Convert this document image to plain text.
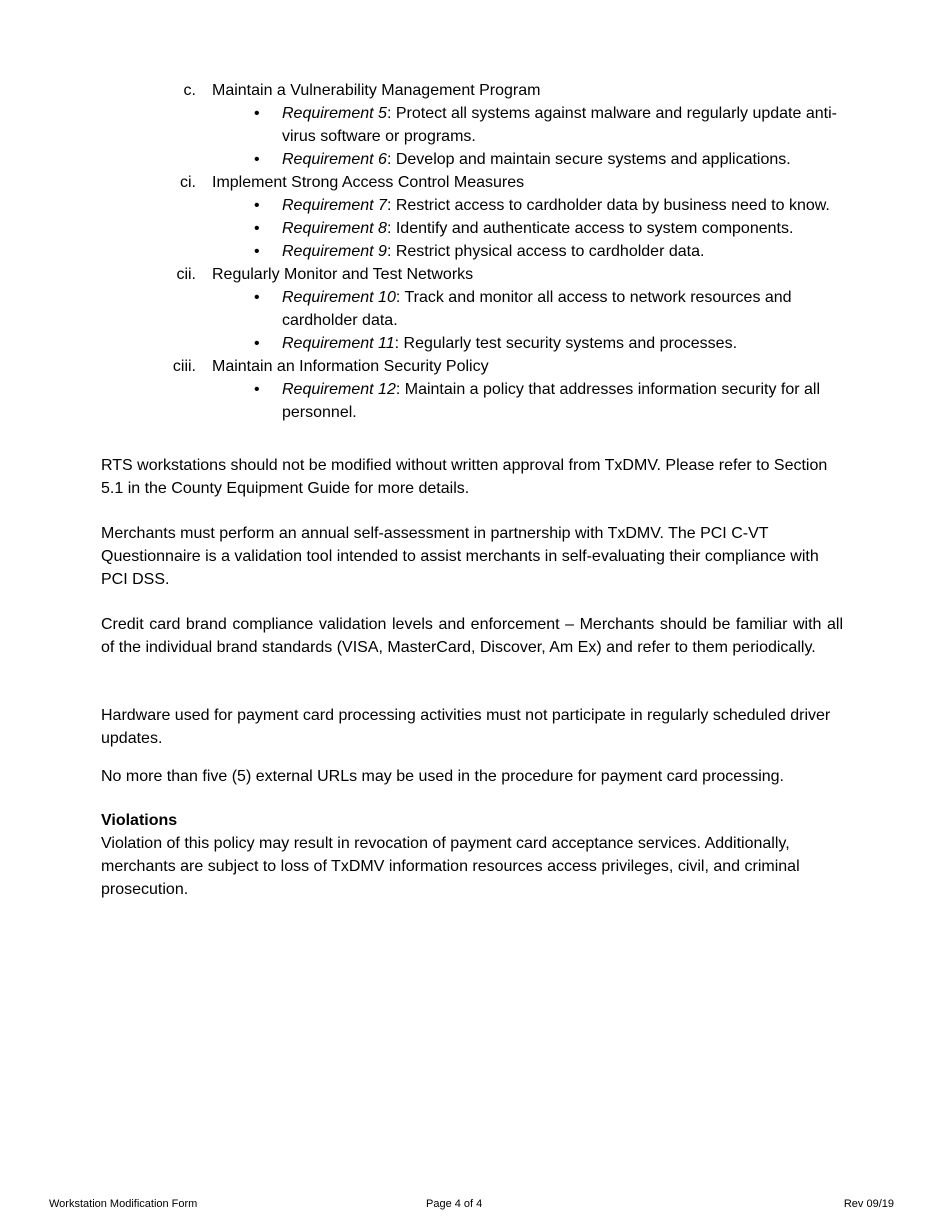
c. Maintain a Vulnerability Management Program
• Requirement 5: Protect all systems against malware and regularly update anti-virus software or programs.
• Requirement 6: Develop and maintain secure systems and applications.
ci. Implement Strong Access Control Measures
• Requirement 7: Restrict access to cardholder data by business need to know.
• Requirement 8: Identify and authenticate access to system components.
• Requirement 9: Restrict physical access to cardholder data.
cii. Regularly Monitor and Test Networks
• Requirement 10: Track and monitor all access to network resources and cardholder data.
• Requirement 11: Regularly test security systems and processes.
ciii. Maintain an Information Security Policy
• Requirement 12: Maintain a policy that addresses information security for all personnel.

RTS workstations should not be modified without written approval from TxDMV. Please refer to Section 5.1 in the County Equipment Guide for more details.

Merchants must perform an annual self-assessment in partnership with TxDMV. The PCI C-VT Questionnaire is a validation tool intended to assist merchants in self-evaluating their compliance with PCI DSS.

Credit card brand compliance validation levels and enforcement – Merchants should be familiar with all of the individual brand standards (VISA, MasterCard, Discover, Am Ex) and refer to them periodically.

Hardware used for payment card processing activities must not participate in regularly scheduled driver updates.

No more than five (5) external URLs may be used in the procedure for payment card processing.

Violations

Violation of this policy may result in revocation of payment card acceptance services. Additionally, merchants are subject to loss of TxDMV information resources access privileges, civil, and criminal prosecution.

Workstation Modification Form	Page 4 of 4	Rev 09/19
